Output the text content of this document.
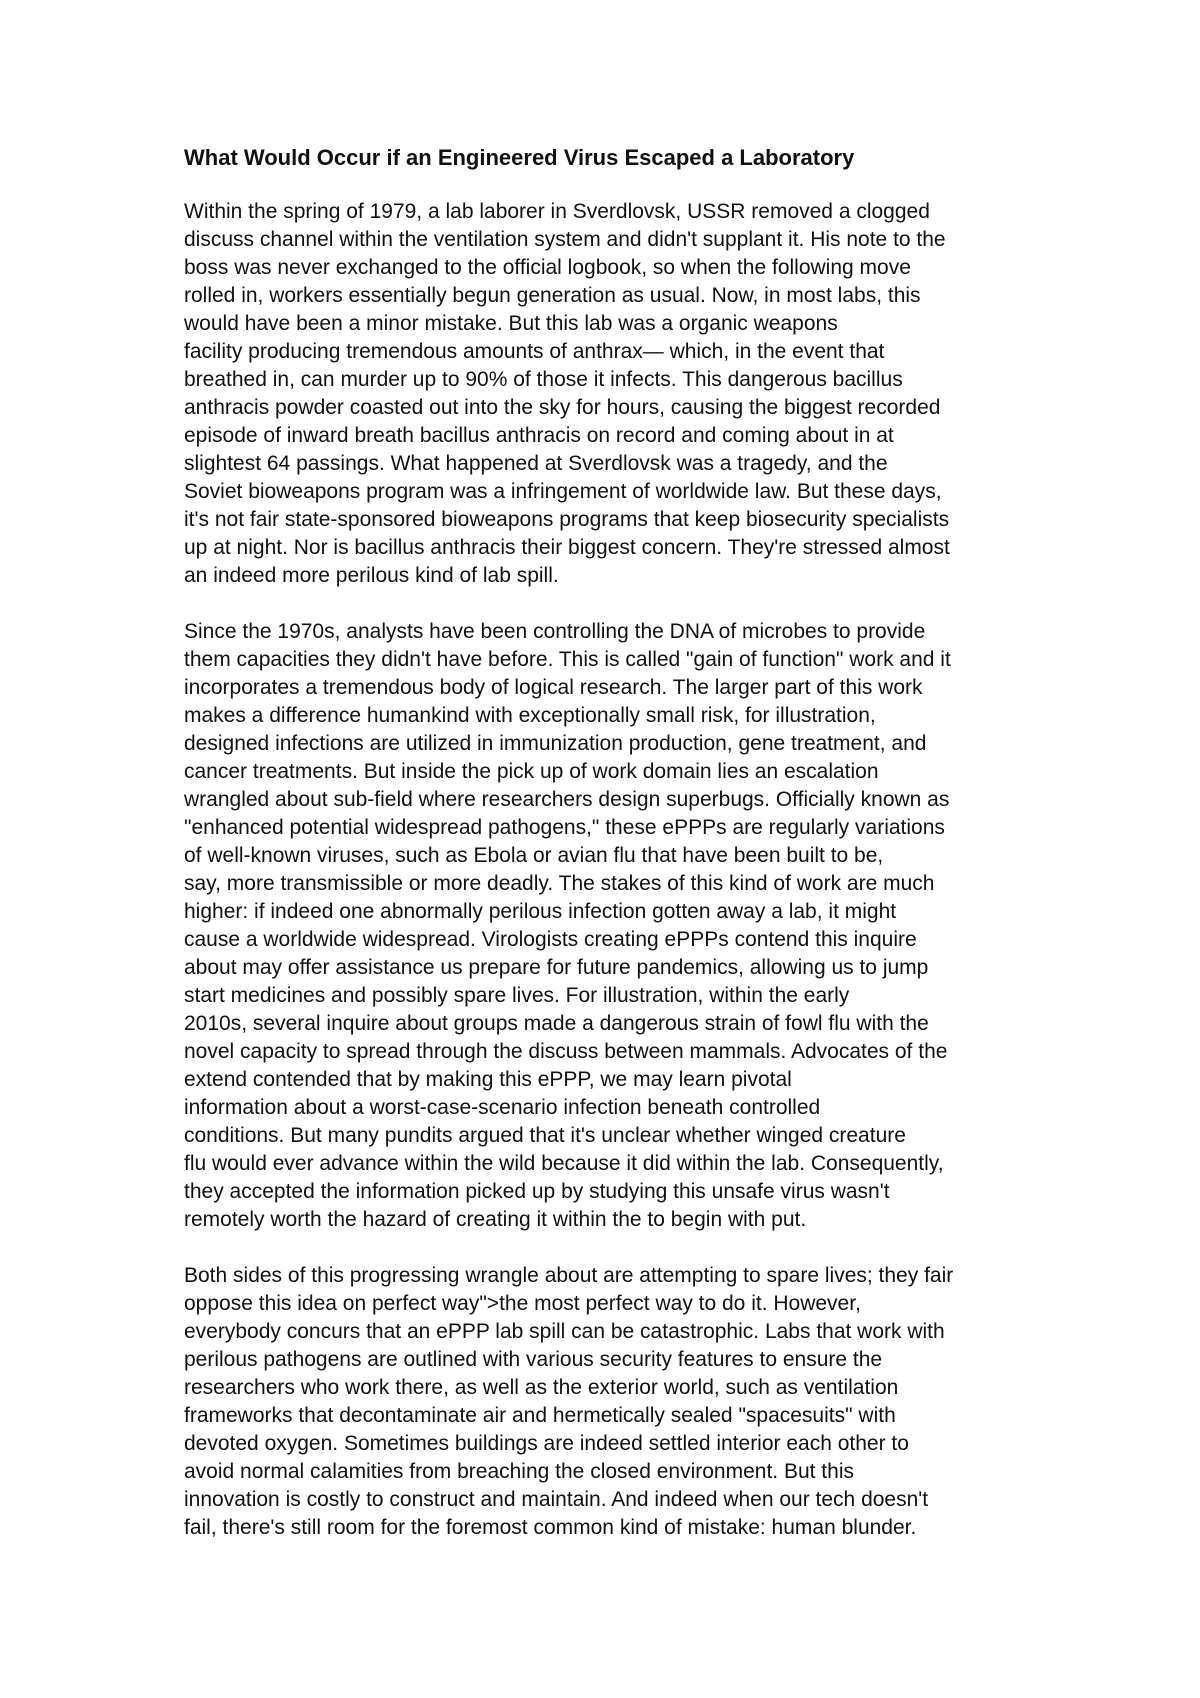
What Would Occur if an Engineered Virus Escaped a Laboratory
Within the spring of 1979, a lab laborer in Sverdlovsk, USSR removed a clogged
discuss channel within the ventilation system and didn't supplant it. His note to the
boss was never exchanged to the official logbook, so when the following move
rolled in, workers essentially begun generation as usual. Now, in most labs, this
would have been a minor mistake. But this lab was a organic weapons
facility producing tremendous amounts of anthrax— which, in the event that
breathed in, can murder up to 90% of those it infects. This dangerous bacillus
anthracis powder coasted out into the sky for hours, causing the biggest recorded
episode of inward breath bacillus anthracis on record and coming about in at
slightest 64 passings. What happened at Sverdlovsk was a tragedy, and the
Soviet bioweapons program was a infringement of worldwide law. But these days,
it's not fair state-sponsored bioweapons programs that keep biosecurity specialists
up at night. Nor is bacillus anthracis their biggest concern. They're stressed almost
an indeed more perilous kind of lab spill.
Since the 1970s, analysts have been controlling the DNA of microbes to provide
them capacities they didn't have before. This is called "gain of function" work and it
incorporates a tremendous body of logical research. The larger part of this work
makes a difference humankind with exceptionally small risk, for illustration,
designed infections are utilized in immunization production, gene treatment, and
cancer treatments. But inside the pick up of work domain lies an escalation
wrangled about sub-field where researchers design superbugs. Officially known as
"enhanced potential widespread pathogens," these ePPPs are regularly variations
of well-known viruses, such as Ebola or avian flu that have been built to be,
say, more transmissible or more deadly. The stakes of this kind of work are much
higher: if indeed one abnormally perilous infection gotten away a lab, it might
cause a worldwide widespread. Virologists creating ePPPs contend this inquire
about may offer assistance us prepare for future pandemics, allowing us to jump
start medicines and possibly spare lives. For illustration, within the early
2010s, several inquire about groups made a dangerous strain of fowl flu with the
novel capacity to spread through the discuss between mammals. Advocates of the
extend contended that by making this ePPP, we may learn pivotal
information about a worst-case-scenario infection beneath controlled
conditions. But many pundits argued that it's unclear whether winged creature
flu would ever advance within the wild because it did within the lab. Consequently,
they accepted the information picked up by studying this unsafe virus wasn't
remotely worth the hazard of creating it within the to begin with put.
Both sides of this progressing wrangle about are attempting to spare lives; they fair
oppose this idea on perfect way">the most perfect way to do it. However,
everybody concurs that an ePPP lab spill can be catastrophic. Labs that work with
perilous pathogens are outlined with various security features to ensure the
researchers who work there, as well as the exterior world, such as ventilation
frameworks that decontaminate air and hermetically sealed "spacesuits" with
devoted oxygen. Sometimes buildings are indeed settled interior each other to
avoid normal calamities from breaching the closed environment. But this
innovation is costly to construct and maintain. And indeed when our tech doesn't
fail, there's still room for the foremost common kind of mistake: human blunder.
